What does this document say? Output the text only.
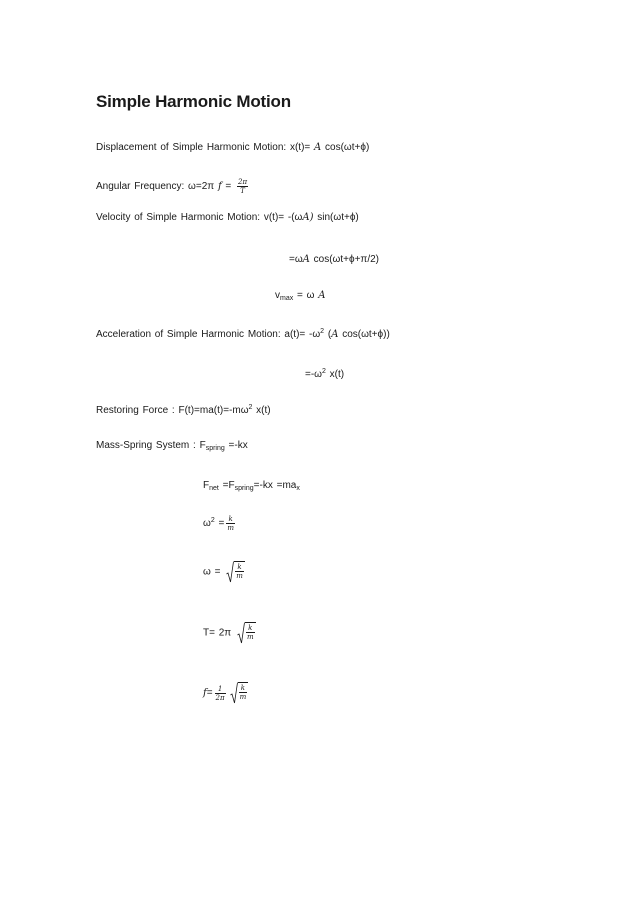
Simple Harmonic Motion
Displacement of Simple Harmonic Motion: x(t)= A cos(ωt+ϕ)
Angular Frequency: ω=2π $f = \frac{2\pi}{T}$
Velocity of Simple Harmonic Motion: v(t)= -(ωA) sin(ωt+ϕ)
=ωA cos(ωt+ϕ+π/2)
$v_{max} = \omega$ A
Acceleration of Simple Harmonic Motion: $a(t)= -\omega^2$ (A cos(ωt+ϕ))
$=-\omega^2$ x(t)
Restoring Force : $F(t)=ma(t)=-m\omega^2$ x(t)
Mass-Spring System : $F_{spring} =-kx$
$F_{net} =F_{spring}=-kx =ma_x$
$\omega^2 = \frac{k}{m}$
$\omega = \frac{k}{m}$
$T= 2\pi \frac{k}{m}$
$f= \frac{1}{2\pi} \frac{k}{m}$
